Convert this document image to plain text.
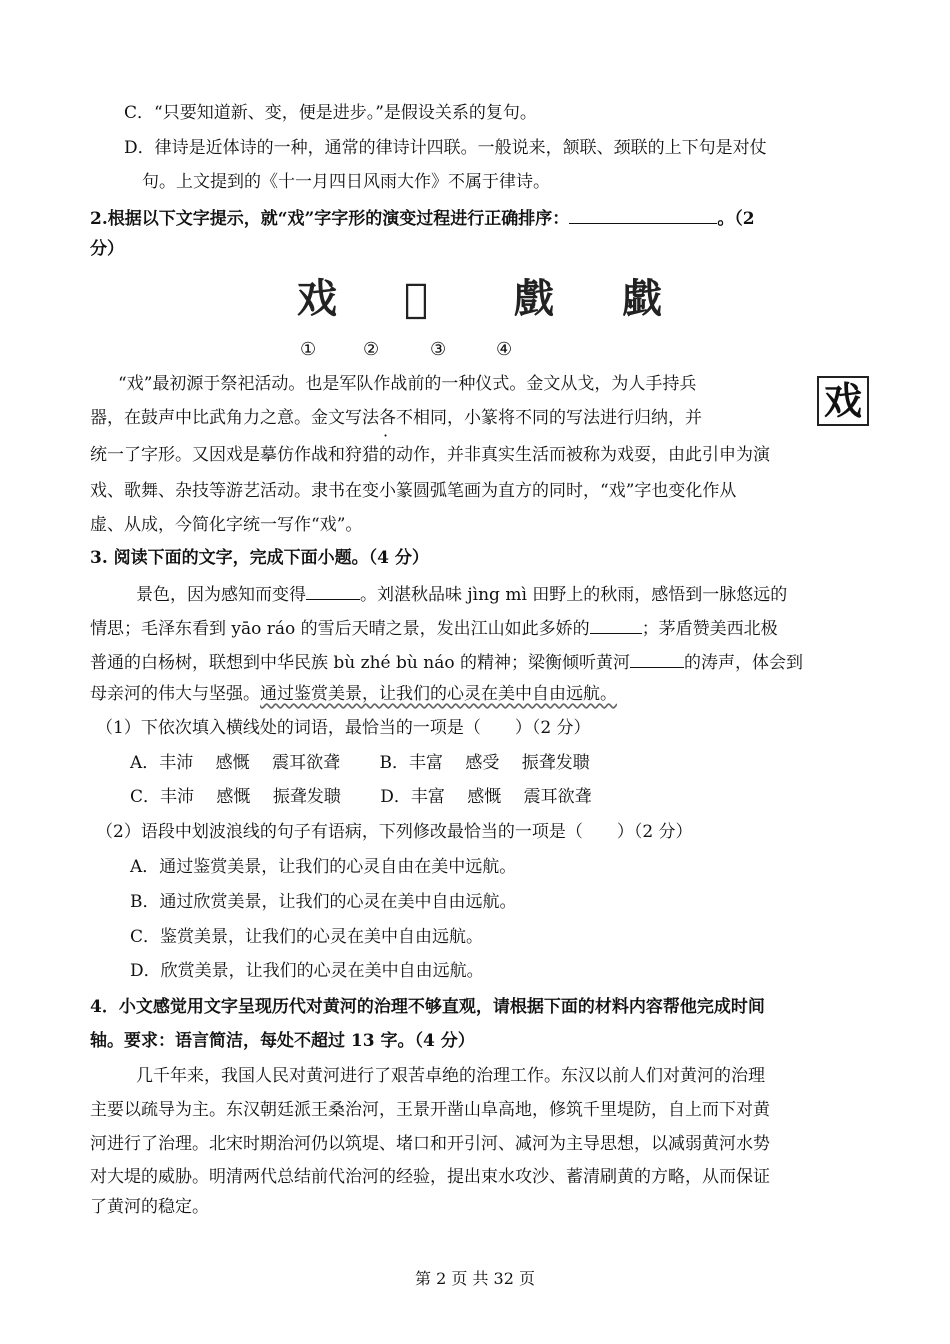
C．“只要知道新、变，便是进步。”是假设关系的复句。
D．律诗是近体诗的一种，通常的律诗计四联。一般说来，颔联、颈联的上下句是对仗
句。上文提到的《十一月四日风雨大作》不属于律诗。
2.根据以下文字提示，就“戏”字字形的演变过程进行正确排序：	。（2
分）
戏 𢧐 戲 戱
①	②	③	④
戏
“戏”最初源于祭祀活动。也是军队作战前的一种仪式。金文从戈，为人手持兵
器，在鼓声中比武角力之意。金文写法各不相同，小篆将不同的写法进行归纳，并
·
统一了字形。又因戏是摹仿作战和狩猎的动作，并非真实生活而被称为戏耍，由此引申为演
戏、歌舞、杂技等游艺活动。隶书在变小篆圆弧笔画为直方的同时，“戏”字也变化作从
虚、从成，今简化字统一写作“戏”。
3. 阅读下面的文字，完成下面小题。（4 分）
景色，因为感知而变得	。刘湛秋品味 jìng mì 田野上的秋雨，感悟到一脉悠远的
情思；毛泽东看到 yāo ráo 的雪后天晴之景，发出江山如此多娇的	；茅盾赞美西北极
普通的白杨树，联想到中华民族 bù zhé bù náo 的精神；梁衡倾听黄河	的涛声，体会到
母亲河的伟大与坚强。通过鉴赏美景，让我们的心灵在美中自由远航。
（1）下依次填入横线处的词语，最恰当的一项是（　　）（2 分）
A．丰沛　 感慨　 震耳欲聋　　 B．丰富　 感受　 振聋发聩
C．丰沛　 感慨　 振聋发聩　　 D．丰富　 感慨　 震耳欲聋
（2）语段中划波浪线的句子有语病，下列修改最恰当的一项是（　　）（2 分）
A．通过鉴赏美景，让我们的心灵自由在美中远航。
B．通过欣赏美景，让我们的心灵在美中自由远航。
C．鉴赏美景，让我们的心灵在美中自由远航。
D．欣赏美景，让我们的心灵在美中自由远航。
4．小文感觉用文字呈现历代对黄河的治理不够直观，请根据下面的材料内容帮他完成时间
轴。要求：语言简洁，每处不超过 13 字。（4 分）
几千年来，我国人民对黄河进行了艰苦卓绝的治理工作。东汉以前人们对黄河的治理
主要以疏导为主。东汉朝廷派王桑治河，王景开凿山阜高地，修筑千里堤防，自上而下对黄
河进行了治理。北宋时期治河仍以筑堤、堵口和开引河、减河为主导思想，以减弱黄河水势
对大堤的威胁。明清两代总结前代治河的经验，提出束水攻沙、蓄清刷黄的方略，从而保证
了黄河的稳定。
第 2 页 共 32 页
